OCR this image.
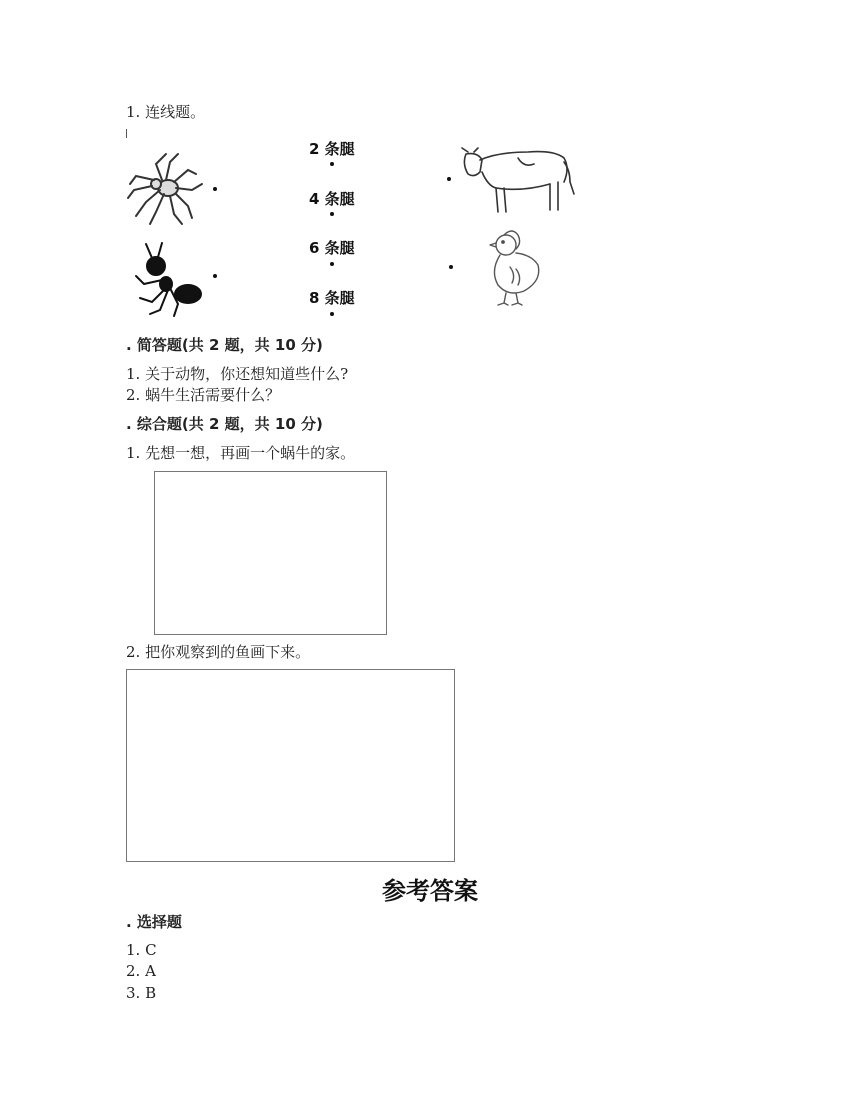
1. 连线题。
2 条腿
4 条腿
6 条腿
8 条腿
. 简答题(共 2 题，共 10 分)
1. 关于动物，你还想知道些什么?
2. 蜗牛生活需要什么？
. 综合题(共 2 题，共 10 分)
1. 先想一想，再画一个蜗牛的家。
2. 把你观察到的鱼画下来。
参考答案
. 选择题
1. C
2. A
3. B
